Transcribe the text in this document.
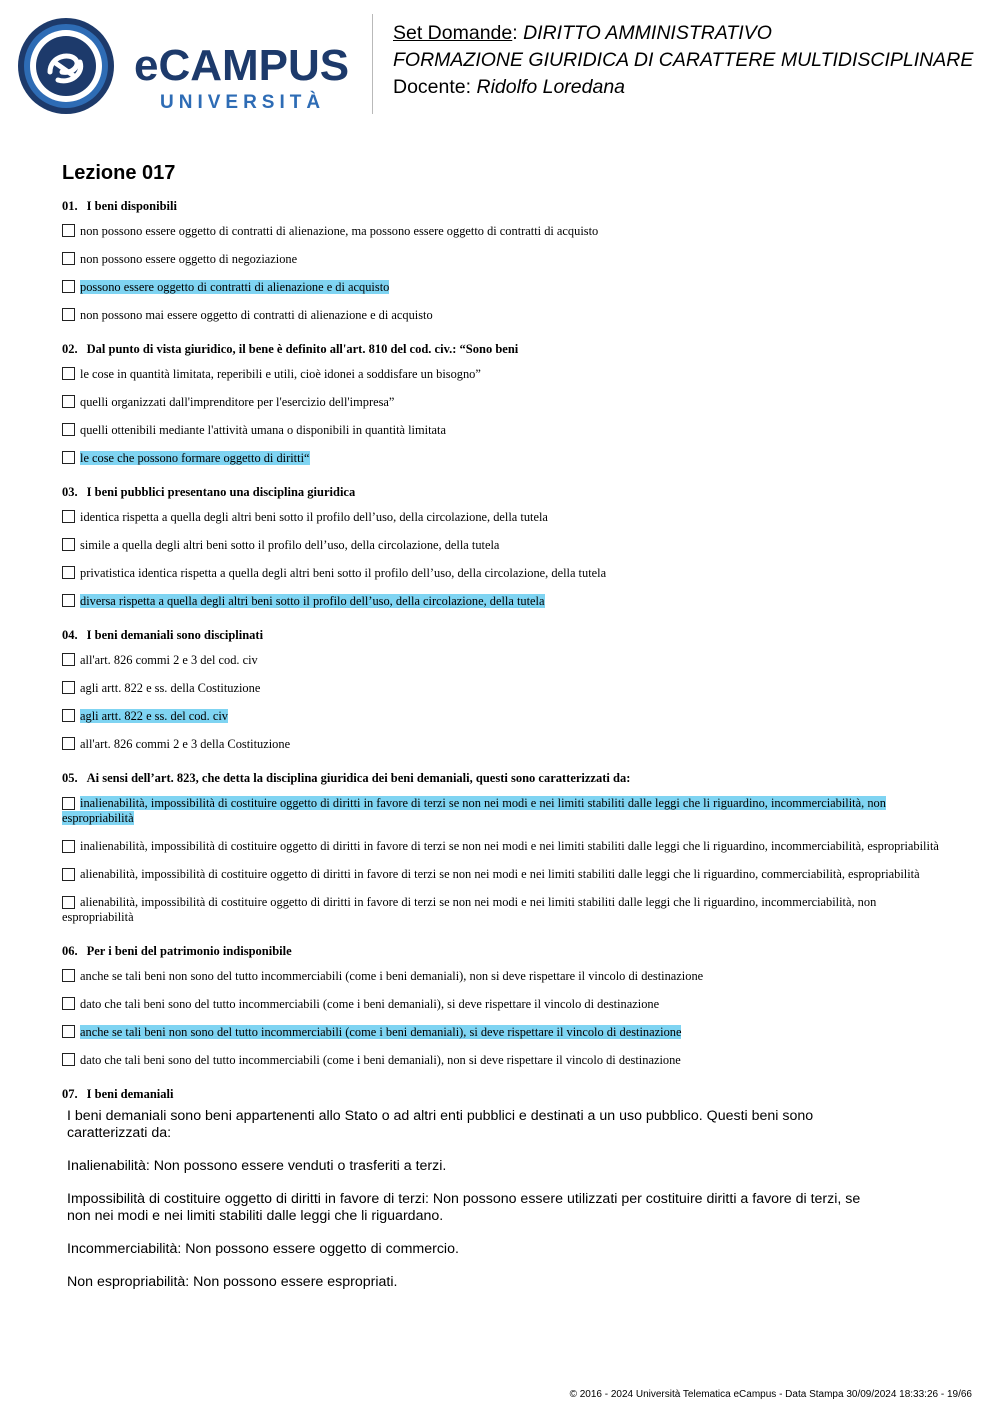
eCAMPUS
UNIVERSITÀ
Set Domande: DIRITTO AMMINISTRATIVO
FORMAZIONE GIURIDICA DI CARATTERE MULTIDISCIPLINARE
Docente: Ridolfo Loredana
Lezione 017
01. I beni disponibili
non possono essere oggetto di contratti di alienazione, ma possono essere oggetto di contratti di acquisto
non possono essere oggetto di negoziazione
possono essere oggetto di contratti di alienazione e di acquisto
non possono mai essere oggetto di contratti di alienazione e di acquisto
02. Dal punto di vista giuridico, il bene è definito all'art. 810 del cod. civ.: “Sono beni
le cose in quantità limitata, reperibili e utili, cioè idonei a soddisfare un bisogno”
quelli organizzati dall'imprenditore per l'esercizio dell'impresa”
quelli ottenibili mediante l'attività umana o disponibili in quantità limitata
le cose che possono formare oggetto di diritti“
03. I beni pubblici presentano una disciplina giuridica
identica rispetta a quella degli altri beni sotto il profilo dell’uso, della circolazione, della tutela
simile a quella degli altri beni sotto il profilo dell’uso, della circolazione, della tutela
privatistica identica rispetta a quella degli altri beni sotto il profilo dell’uso, della circolazione, della tutela
diversa rispetta a quella degli altri beni sotto il profilo dell’uso, della circolazione, della tutela
04. I beni demaniali sono disciplinati
all'art. 826 commi 2 e 3 del cod. civ
agli artt. 822 e ss. della Costituzione
agli artt. 822 e ss. del cod. civ
all'art. 826 commi 2 e 3 della Costituzione
05. Ai sensi dell’art. 823, che detta la disciplina giuridica dei beni demaniali, questi sono caratterizzati da:
inalienabilità, impossibilità di costituire oggetto di diritti in favore di terzi se non nei modi e nei limiti stabiliti dalle leggi che li riguardino, incommerciabilità, non espropriabilità
inalienabilità, impossibilità di costituire oggetto di diritti in favore di terzi se non nei modi e nei limiti stabiliti dalle leggi che li riguardino, incommerciabilità, espropriabilità
alienabilità, impossibilità di costituire oggetto di diritti in favore di terzi se non nei modi e nei limiti stabiliti dalle leggi che li riguardino, commerciabilità, espropriabilità
alienabilità, impossibilità di costituire oggetto di diritti in favore di terzi se non nei modi e nei limiti stabiliti dalle leggi che li riguardino, incommerciabilità, non espropriabilità
06. Per i beni del patrimonio indisponibile
anche se tali beni non sono del tutto incommerciabili (come i beni demaniali), non si deve rispettare il vincolo di destinazione
dato che tali beni sono del tutto incommerciabili (come i beni demaniali), si deve rispettare il vincolo di destinazione
anche se tali beni non sono del tutto incommerciabili (come i beni demaniali), si deve rispettare il vincolo di destinazione
dato che tali beni sono del tutto incommerciabili (come i beni demaniali), non si deve rispettare il vincolo di destinazione
07. I beni demaniali

I beni demaniali sono beni appartenenti allo Stato o ad altri enti pubblici e destinati a un uso pubblico. Questi beni sono caratterizzati da:

Inalienabilità: Non possono essere venduti o trasferiti a terzi.

Impossibilità di costituire oggetto di diritti in favore di terzi: Non possono essere utilizzati per costituire diritti a favore di terzi, se non nei modi e nei limiti stabiliti dalle leggi che li riguardano.

Incommerciabilità: Non possono essere oggetto di commercio.

Non espropriabilità: Non possono essere espropriati.

© 2016 - 2024 Università Telematica eCampus - Data Stampa 30/09/2024 18:33:26 - 19/66
